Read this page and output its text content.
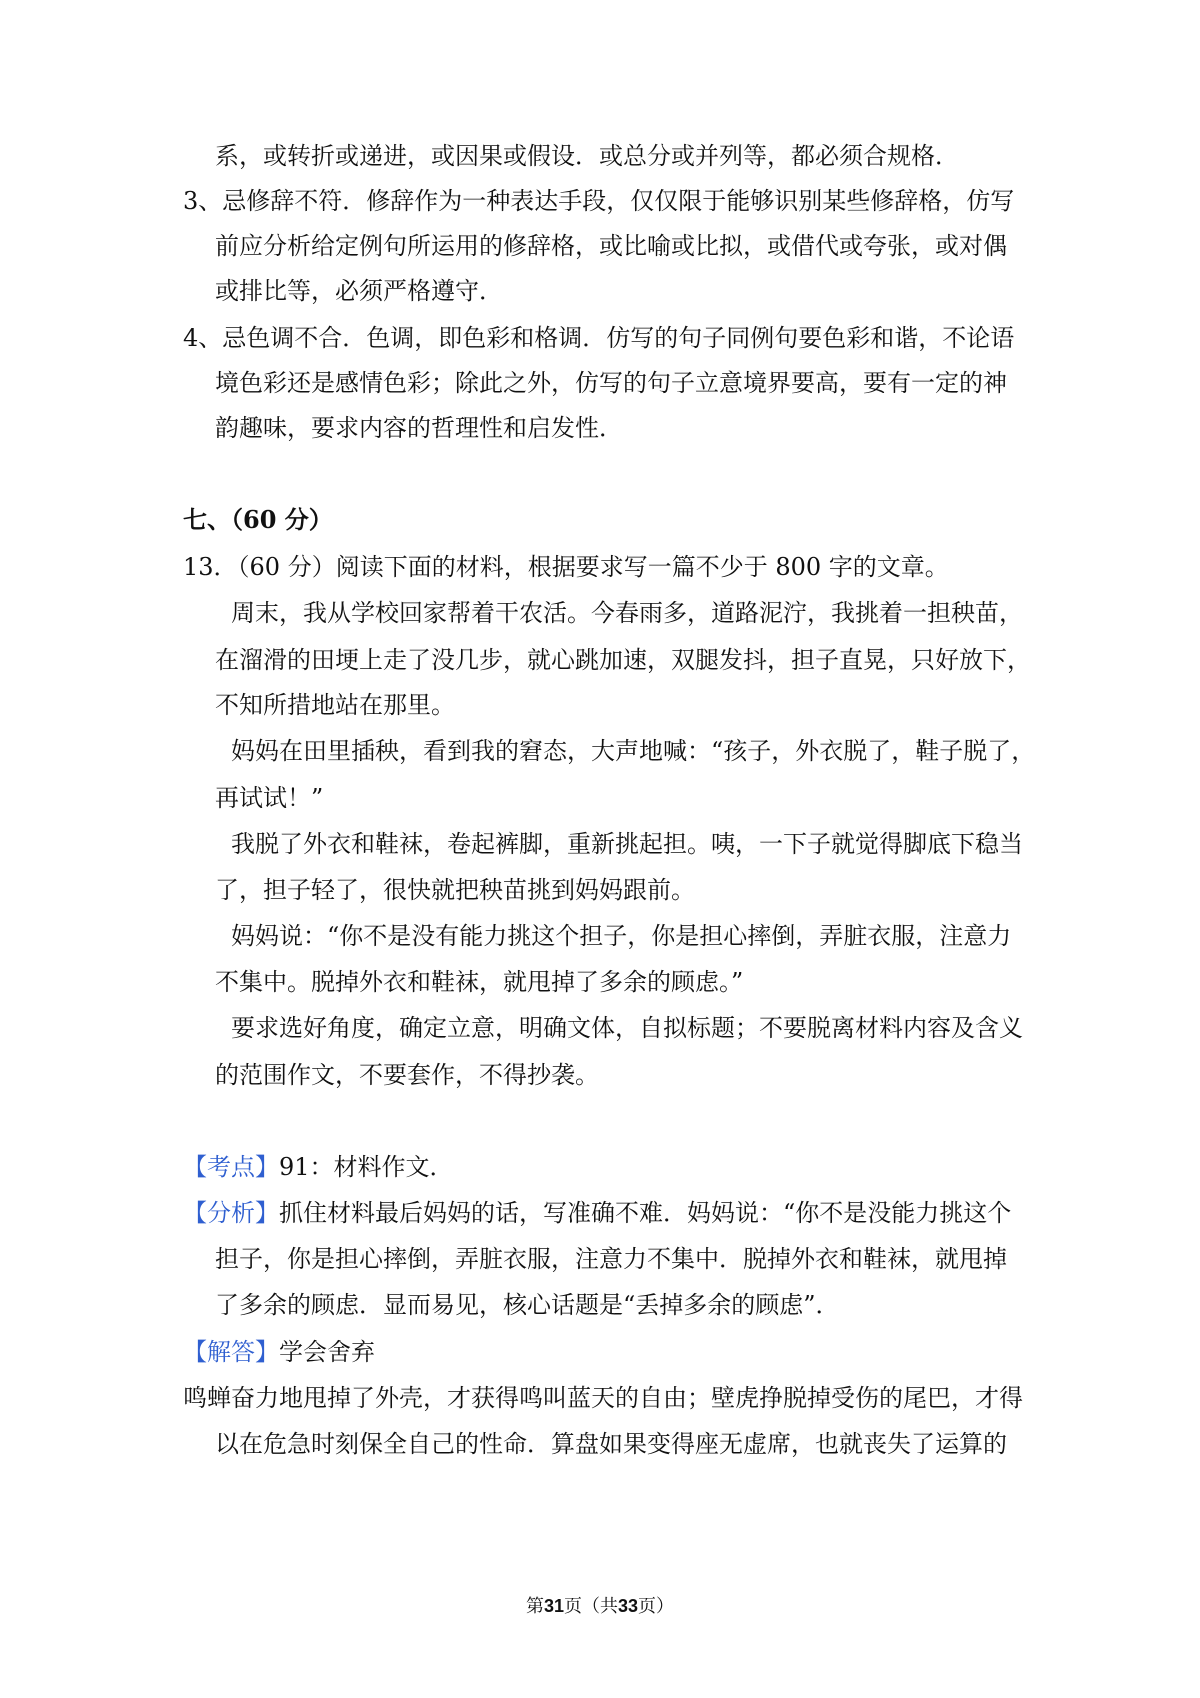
系，或转折或递进，或因果或假设．或总分或并列等，都必须合规格．
3、忌修辞不符．修辞作为一种表达手段，仅仅限于能够识别某些修辞格，仿写
前应分析给定例句所运用的修辞格，或比喻或比拟，或借代或夸张，或对偶
或排比等，必须严格遵守．
4、忌色调不合．色调，即色彩和格调．仿写的句子同例句要色彩和谐，不论语
境色彩还是感情色彩；除此之外，仿写的句子立意境界要高，要有一定的神
韵趣味，要求内容的哲理性和启发性．
七、（60 分）
13．（60 分）阅读下面的材料，根据要求写一篇不少于 800 字的文章。
周末，我从学校回家帮着干农活。今春雨多，道路泥泞，我挑着一担秧苗，
在溜滑的田埂上走了没几步，就心跳加速，双腿发抖，担子直晃，只好放下，
不知所措地站在那里。
妈妈在田里插秧，看到我的窘态，大声地喊：“孩子，外衣脱了，鞋子脱了，
再试试！”
我脱了外衣和鞋袜，卷起裤脚，重新挑起担。咦，一下子就觉得脚底下稳当
了，担子轻了，很快就把秧苗挑到妈妈跟前。
妈妈说：“你不是没有能力挑这个担子，你是担心摔倒，弄脏衣服，注意力
不集中。脱掉外衣和鞋袜，就甩掉了多余的顾虑。”
要求选好角度，确定立意，明确文体，自拟标题；不要脱离材料内容及含义
的范围作文，不要套作，不得抄袭。
【考点】91：材料作文．
【分析】抓住材料最后妈妈的话，写准确不难．妈妈说：“你不是没能力挑这个
担子，你是担心摔倒，弄脏衣服，注意力不集中．脱掉外衣和鞋袜，就甩掉
了多余的顾虑．显而易见，核心话题是“丢掉多余的顾虑”．
【解答】学会舍弃
鸣蝉奋力地甩掉了外壳，才获得鸣叫蓝天的自由；壁虎挣脱掉受伤的尾巴，才得
以在危急时刻保全自己的性命．算盘如果变得座无虚席，也就丧失了运算的
第31页（共33页）
